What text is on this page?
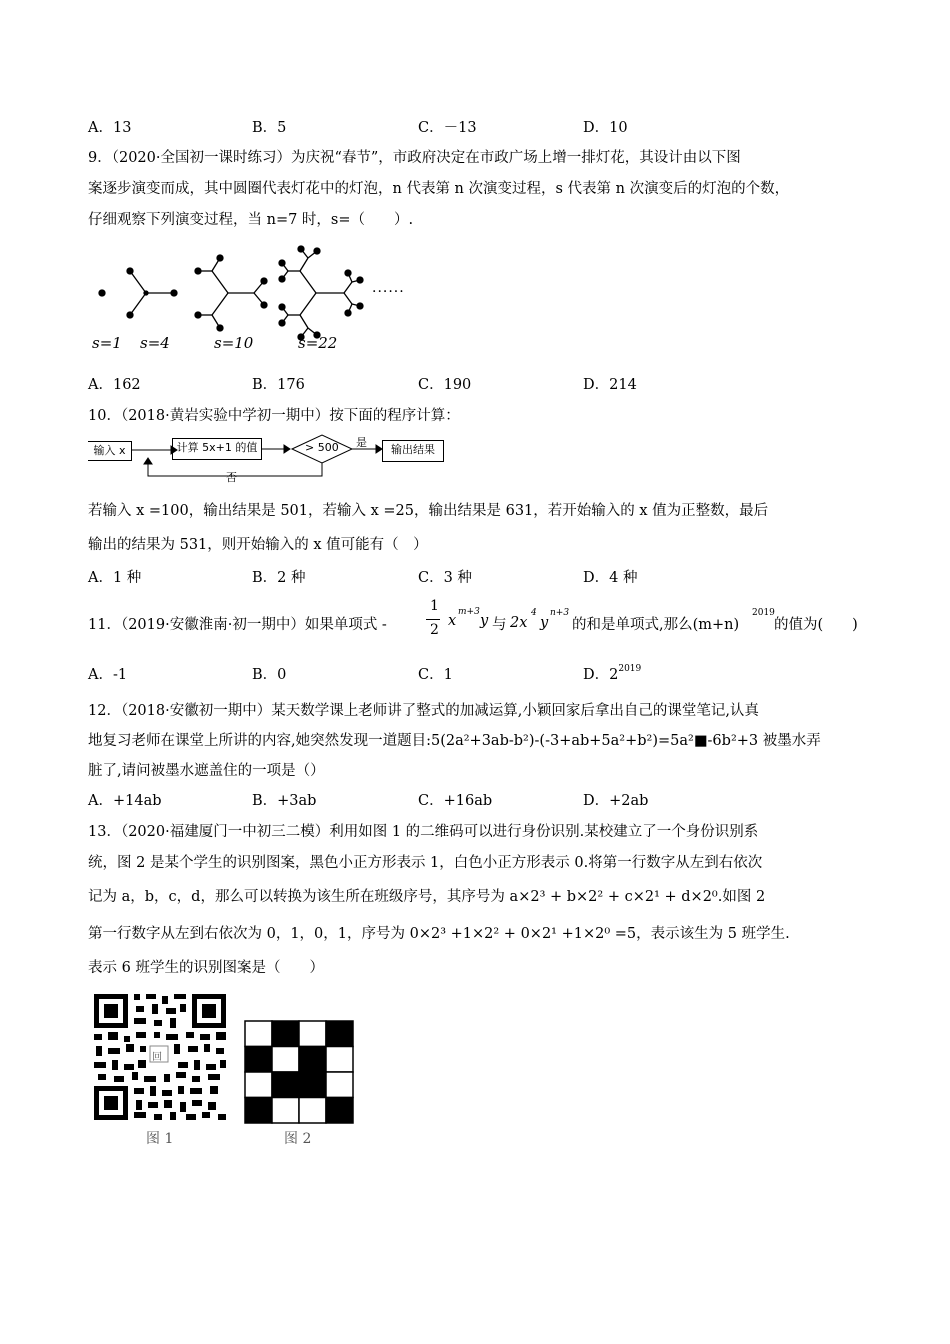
A．13	B．5	C．－13	D．10
9．（2020·全国初一课时练习）为庆祝“春节”，市政府决定在市政广场上增一排灯花，其设计由以下图
案逐步演变而成，其中圆圈代表灯花中的灯泡，n 代表第 n 次演变过程，s 代表第 n 次演变后的灯泡的个数，
仔细观察下列演变过程，当 n=7 时，s=（　　）.
······
s=1 s=4	s=10	s=22
A．162	B．176	C．190	D．214
10．（2018·黄岩实验中学初一期中）按下面的程序计算：
输入 x	计算 5x+1 的值	输出结果
> 500 是
否
若输入 x =100，输出结果是 501，若输入 x =25，输出结果是 631，若开始输入的 x 值为正整数，最后
输出的结果为 531，则开始输入的 x 值可能有（　）
A．1 种	B．2 种	C．3 种	D．4 种
11．（2019·安徽淮南·初一期中）如果单项式 -
1
2
x
m+3
y 与 2x
4
y
n+3
的和是单项式,那么(m+n)
2019
的值为(　　)
A．-1	B．0	C．1	D．$2^{2019}$
12．（2018·安徽初一期中）某天数学课上老师讲了整式的加减运算,小颖回家后拿出自己的课堂笔记,认真
地复习老师在课堂上所讲的内容,她突然发现一道题目:5(2a²+3ab-b²)-(-3+ab+5a²+b²)=5a²■-6b²+3 被墨水弄
脏了,请问被墨水遮盖住的一项是（）
A．+14ab	B．+3ab	C．+16ab	D．+2ab
13．（2020·福建厦门一中初三二模）利用如图 1 的二维码可以进行身份识别.某校建立了一个身份识别系
统，图 2 是某个学生的识别图案，黑色小正方形表示 1，白色小正方形表示 0.将第一行数字从左到右依次
记为 a，b，c，d，那么可以转换为该生所在班级序号，其序号为 a×2³ + b×2² + c×2¹ + d×2⁰.如图 2
第一行数字从左到右依次为 0，1，0，1，序号为 0×2³ +1×2² + 0×2¹ +1×2⁰ =5，表示该生为 5 班学生.
表示 6 班学生的识别图案是（　　）
回
图 1	图 2
